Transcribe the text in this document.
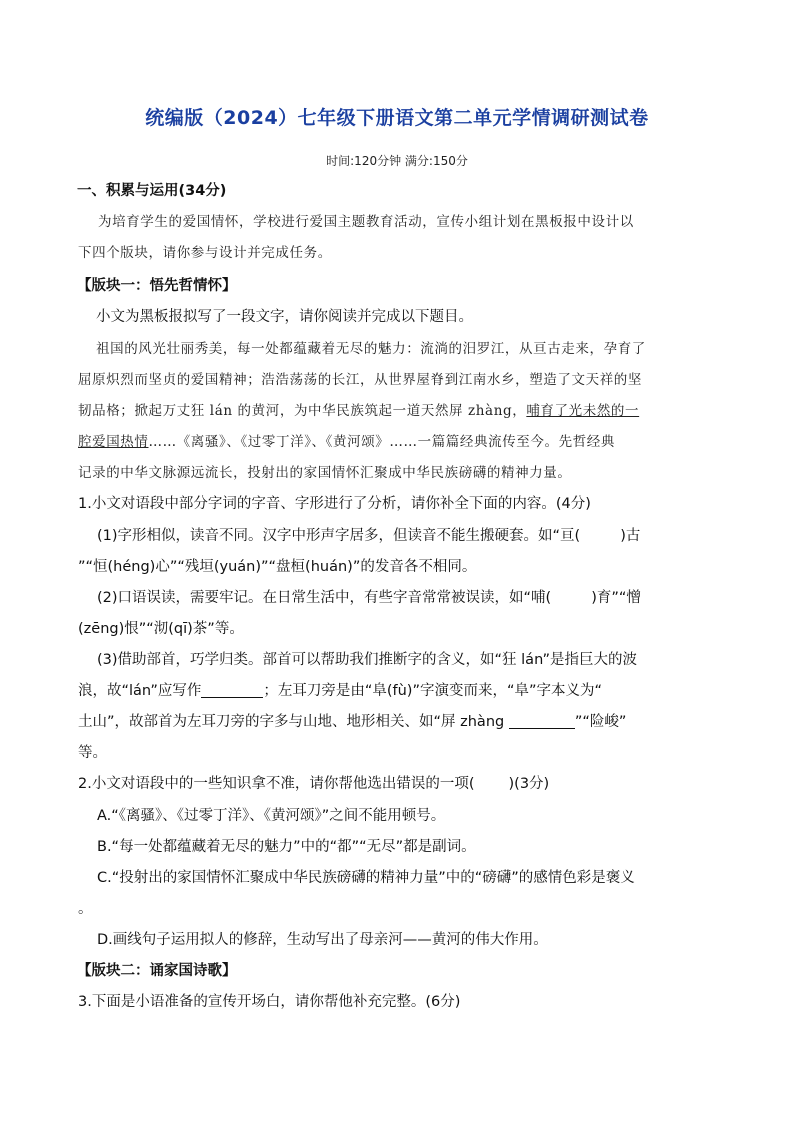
统编版（2024）七年级下册语文第二单元学情调研测试卷
时间:120分钟 满分:150分
一、积累与运用(34分)
为培育学生的爱国情怀，学校进行爱国主题教育活动，宣传小组计划在黑板报中设计以
下四个版块，请你参与设计并完成任务。
【版块一：悟先哲情怀】
小文为黑板报拟写了一段文字，请你阅读并完成以下题目。
祖国的风光壮丽秀美，每一处都蕴藏着无尽的魅力：流淌的汨罗江，从亘古走来，孕育了
屈原炽烈而坚贞的爱国精神；浩浩荡荡的长江，从世界屋脊到江南水乡，塑造了文天祥的坚
韧品格；掀起万丈狂 lán 的黄河，为中华民族筑起一道天然屏 zhàng，哺育了光未然的一
腔爱国热情……《离骚》、《过零丁洋》、《黄河颂》……一篇篇经典流传至今。先哲经典
记录的中华文脉源远流长，投射出的家国情怀汇聚成中华民族磅礴的精神力量。
1.小文对语段中部分字词的字音、字形进行了分析，请你补全下面的内容。(4分)
(1)字形相似，读音不同。汉字中形声字居多，但读音不能生搬硬套。如“亘(	)古
”“恒(héng)心”“残垣(yuán)”“盘桓(huán)”的发音各不相同。
(2)口语误读，需要牢记。在日常生活中，有些字音常常被误读，如“哺(	)育”“憎
(zēng)恨”“沏(qī)茶”等。
(3)借助部首，巧学归类。部首可以帮助我们推断字的含义，如“狂 lán”是指巨大的波
浪，故“lán”应写作	；左耳刀旁是由“阜(fù)”字演变而来，“阜”字本义为“
土山”，故部首为左耳刀旁的字多与山地、地形相关、如“屏 zhàng	”“险峻”
等。
2.小文对语段中的一些知识拿不准，请你帮他选出错误的一项( )(3分)
A.“《离骚》、《过零丁洋》、《黄河颂》”之间不能用顿号。
B.“每一处都蕴藏着无尽的魅力”中的“都”“无尽”都是副词。
C.“投射出的家国情怀汇聚成中华民族磅礴的精神力量”中的“磅礴”的感情色彩是褒义
。
D.画线句子运用拟人的修辞，生动写出了母亲河——黄河的伟大作用。
【版块二：诵家国诗歌】
3.下面是小语准备的宣传开场白，请你帮他补充完整。(6分)
